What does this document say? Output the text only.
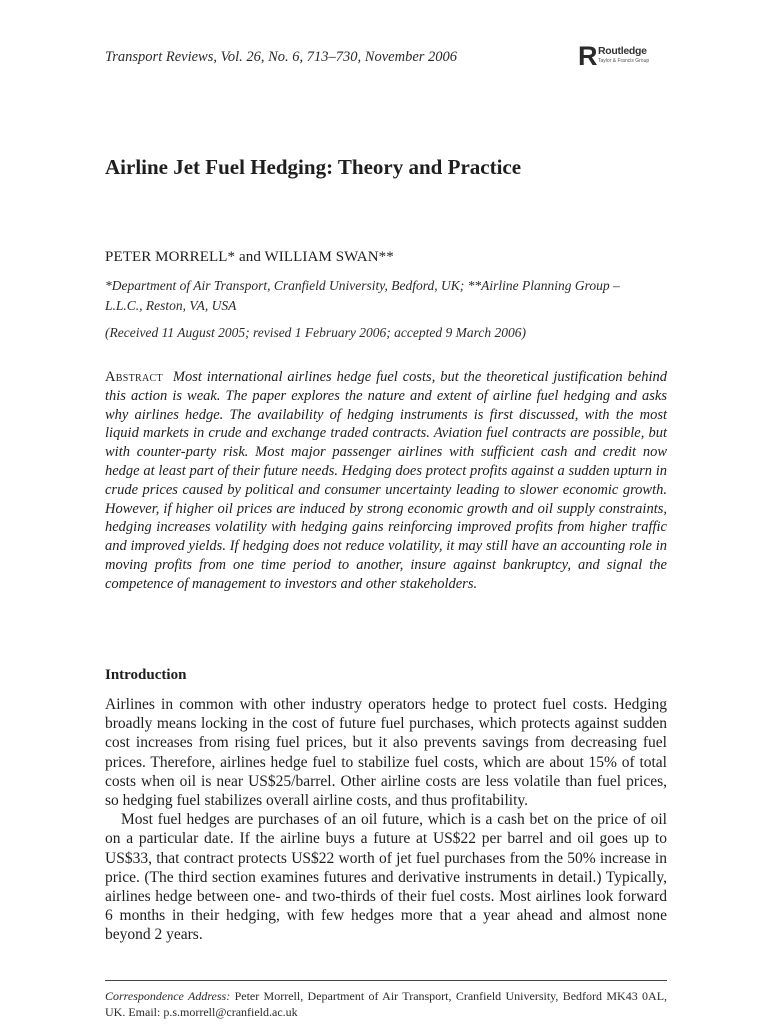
Transport Reviews, Vol. 26, No. 6, 713–730, November 2006	R Routledge
Taylor & Francis Group
Airline Jet Fuel Hedging: Theory and Practice
PETER MORRELL* and WILLIAM SWAN**
*Department of Air Transport, Cranfield University, Bedford, UK; **Airline Planning Group – L.L.C., Reston, VA, USA
(Received 11 August 2005; revised 1 February 2006; accepted 9 March 2006)
Abstract Most international airlines hedge fuel costs, but the theoretical justification behind this action is weak. The paper explores the nature and extent of airline fuel hedging and asks why airlines hedge. The availability of hedging instruments is first discussed, with the most liquid markets in crude and exchange traded contracts. Aviation fuel contracts are possible, but with counter-party risk. Most major passenger airlines with sufficient cash and credit now hedge at least part of their future needs. Hedging does protect profits against a sudden upturn in crude prices caused by political and consumer uncertainty leading to slower economic growth. However, if higher oil prices are induced by strong economic growth and oil supply constraints, hedging increases volatility with hedging gains reinforcing improved profits from higher traffic and improved yields. If hedging does not reduce volatility, it may still have an accounting role in moving profits from one time period to another, insure against bankruptcy, and signal the competence of management to investors and other stakeholders.
Introduction

Airlines in common with other industry operators hedge to protect fuel costs. Hedging broadly means locking in the cost of future fuel purchases, which protects against sudden cost increases from rising fuel prices, but it also prevents savings from decreasing fuel prices. Therefore, airlines hedge fuel to stabilize fuel costs, which are about 15% of total costs when oil is near US$25/barrel. Other airline costs are less volatile than fuel prices, so hedging fuel stabilizes overall airline costs, and thus profitability.

Most fuel hedges are purchases of an oil future, which is a cash bet on the price of oil on a particular date. If the airline buys a future at US$22 per barrel and oil goes up to US$33, that contract protects US$22 worth of jet fuel purchases from the 50% increase in price. (The third section examines futures and derivative instruments in detail.) Typically, airlines hedge between one- and two-thirds of their fuel costs. Most airlines look forward 6 months in their hedging, with few hedges more that a year ahead and almost none beyond 2 years.

Correspondence Address: Peter Morrell, Department of Air Transport, Cranfield University, Bedford MK43 0AL, UK. Email: p.s.morrell@cranfield.ac.uk
